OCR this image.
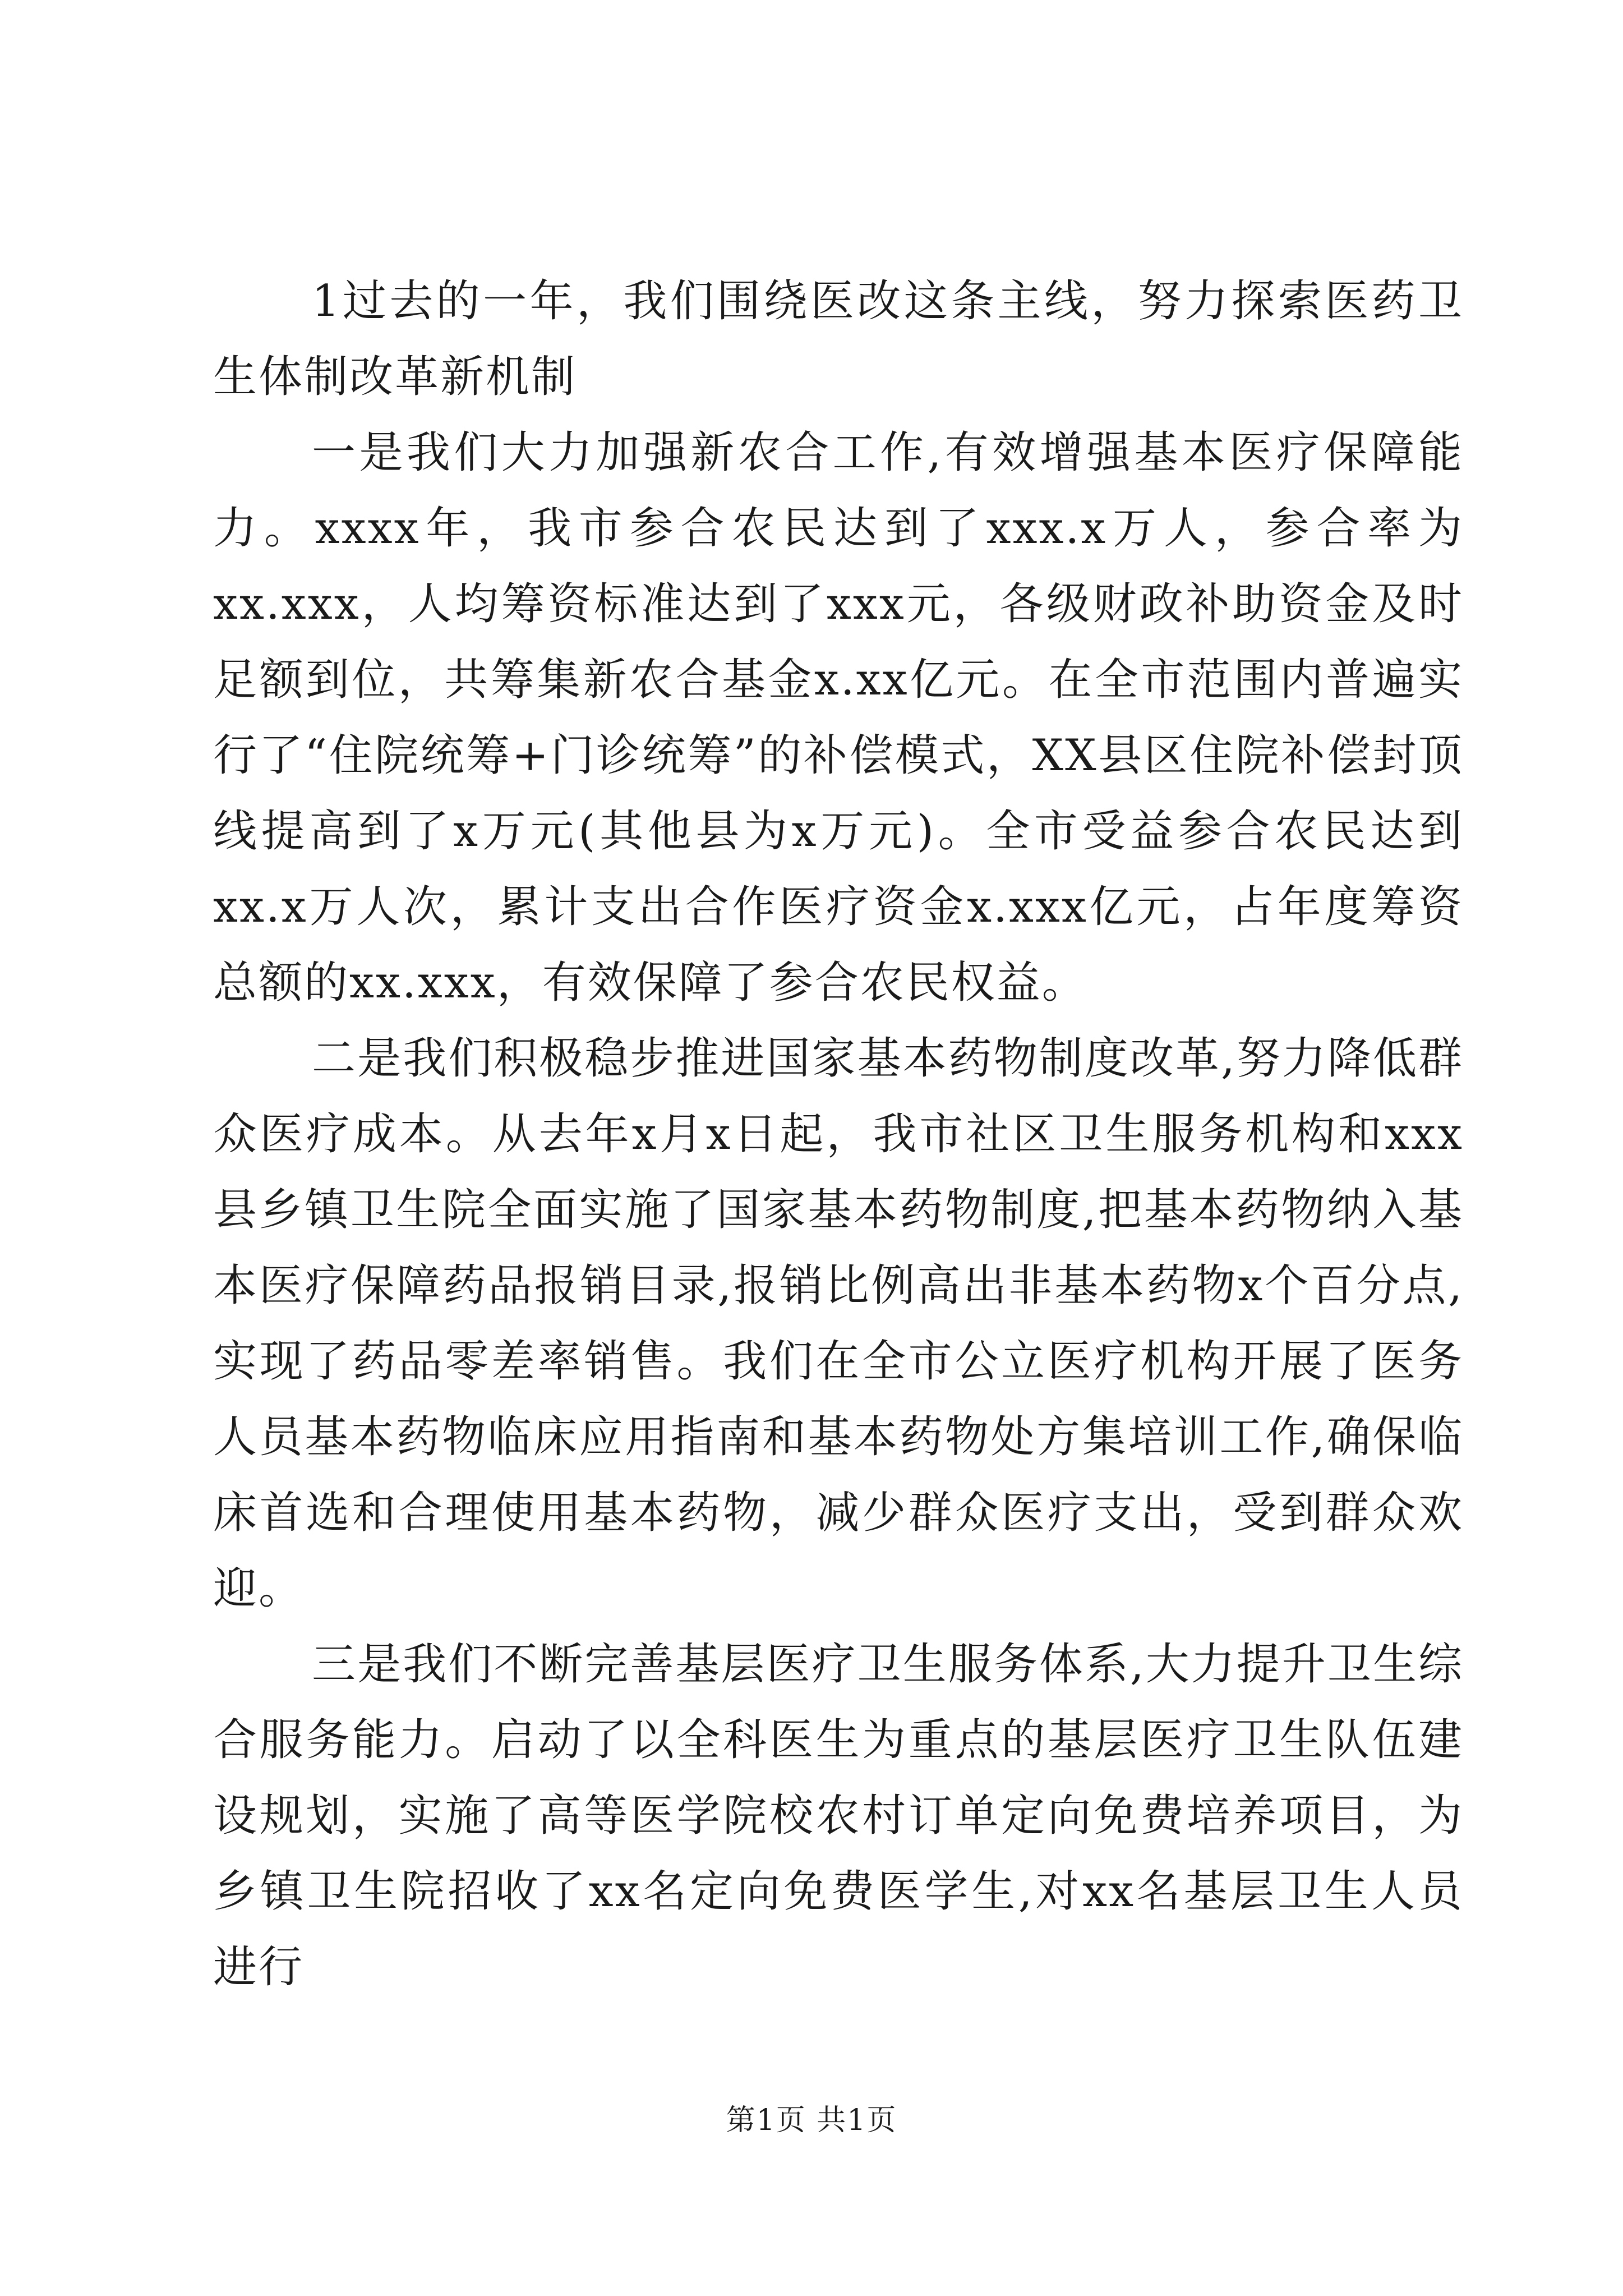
1过去的一年，我们围绕医改这条主线，努力探索医药卫生体制改革新机制

一是我们大力加强新农合工作,有效增强基本医疗保障能力。xxxx年，我市参合农民达到了xxx.x万人，参合率为xx.xxx，人均筹资标准达到了xxx元，各级财政补助资金及时足额到位，共筹集新农合基金x.xx亿元。在全市范围内普遍实行了“住院统筹+门诊统筹”的补偿模式，XX县区住院补偿封顶线提高到了x万元(其他县为x万元)。全市受益参合农民达到xx.x万人次，累计支出合作医疗资金x.xxx亿元，占年度筹资总额的xx.xxx，有效保障了参合农民权益。

二是我们积极稳步推进国家基本药物制度改革,努力降低群众医疗成本。从去年x月x日起，我市社区卫生服务机构和xxx县乡镇卫生院全面实施了国家基本药物制度,把基本药物纳入基本医疗保障药品报销目录,报销比例高出非基本药物x个百分点,实现了药品零差率销售。我们在全市公立医疗机构开展了医务人员基本药物临床应用指南和基本药物处方集培训工作,确保临床首选和合理使用基本药物，减少群众医疗支出，受到群众欢迎。

三是我们不断完善基层医疗卫生服务体系,大力提升卫生综合服务能力。启动了以全科医生为重点的基层医疗卫生队伍建设规划，实施了高等医学院校农村订单定向免费培养项目，为乡镇卫生院招收了xx名定向免费医学生,对xx名基层卫生人员进行

第1页 共1页
